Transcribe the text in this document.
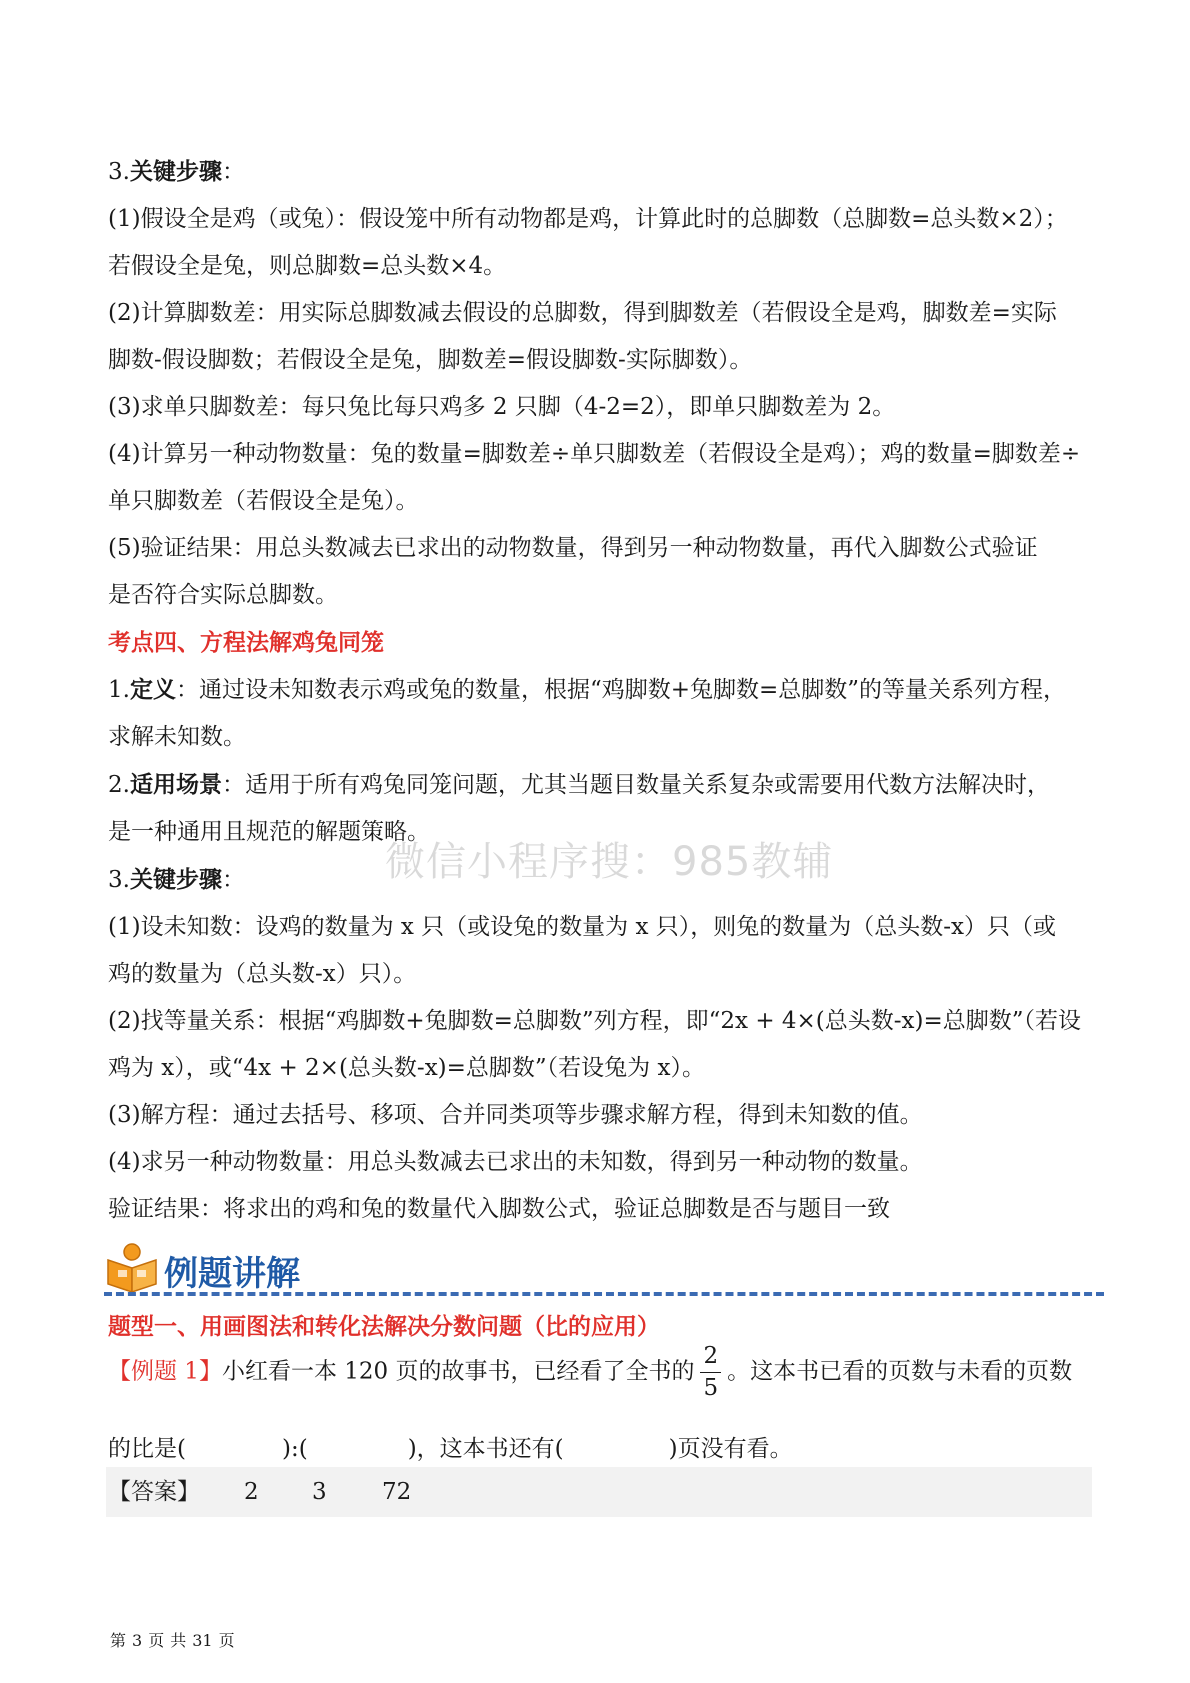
3.关键步骤：
(1)假设全是鸡（或兔）：假设笼中所有动物都是鸡，计算此时的总脚数（总脚数=总头数×2）；
若假设全是兔，则总脚数=总头数×4。
(2)计算脚数差：用实际总脚数减去假设的总脚数，得到脚数差（若假设全是鸡，脚数差=实际
脚数-假设脚数；若假设全是兔，脚数差=假设脚数-实际脚数）。
(3)求单只脚数差：每只兔比每只鸡多 2 只脚（4-2=2），即单只脚数差为 2。
(4)计算另一种动物数量：兔的数量=脚数差÷单只脚数差（若假设全是鸡）；鸡的数量=脚数差÷
单只脚数差（若假设全是兔）。
(5)验证结果：用总头数减去已求出的动物数量，得到另一种动物数量，再代入脚数公式验证
是否符合实际总脚数。
考点四、方程法解鸡兔同笼
1.定义：通过设未知数表示鸡或兔的数量，根据“鸡脚数+兔脚数=总脚数”的等量关系列方程，
求解未知数。
2.适用场景：适用于所有鸡兔同笼问题，尤其当题目数量关系复杂或需要用代数方法解决时，
是一种通用且规范的解题策略。
3.关键步骤：
(1)设未知数：设鸡的数量为 x 只（或设兔的数量为 x 只），则兔的数量为（总头数-x）只（或
鸡的数量为（总头数-x）只）。
(2)找等量关系：根据“鸡脚数+兔脚数=总脚数”列方程，即“2x + 4×(总头数-x)=总脚数”（若设
鸡为 x），或“4x + 2×(总头数-x)=总脚数”（若设兔为 x）。
(3)解方程：通过去括号、移项、合并同类项等步骤求解方程，得到未知数的值。
(4)求另一种动物数量：用总头数减去已求出的未知数，得到另一种动物的数量。
验证结果：将求出的鸡和兔的数量代入脚数公式，验证总脚数是否与题目一致
微信小程序搜：985教辅
例题讲解
题型一、用画图法和转化法解决分数问题（比的应用）
【例题 1】小红看一本 120 页的故事书，已经看了全书的 $\frac{2}{5}$ 。这本书已看的页数与未看的页数
的比是(	):(	)，这本书还有(	)页没有看。
【答案】 2 3 72
第 3 页 共 31 页
